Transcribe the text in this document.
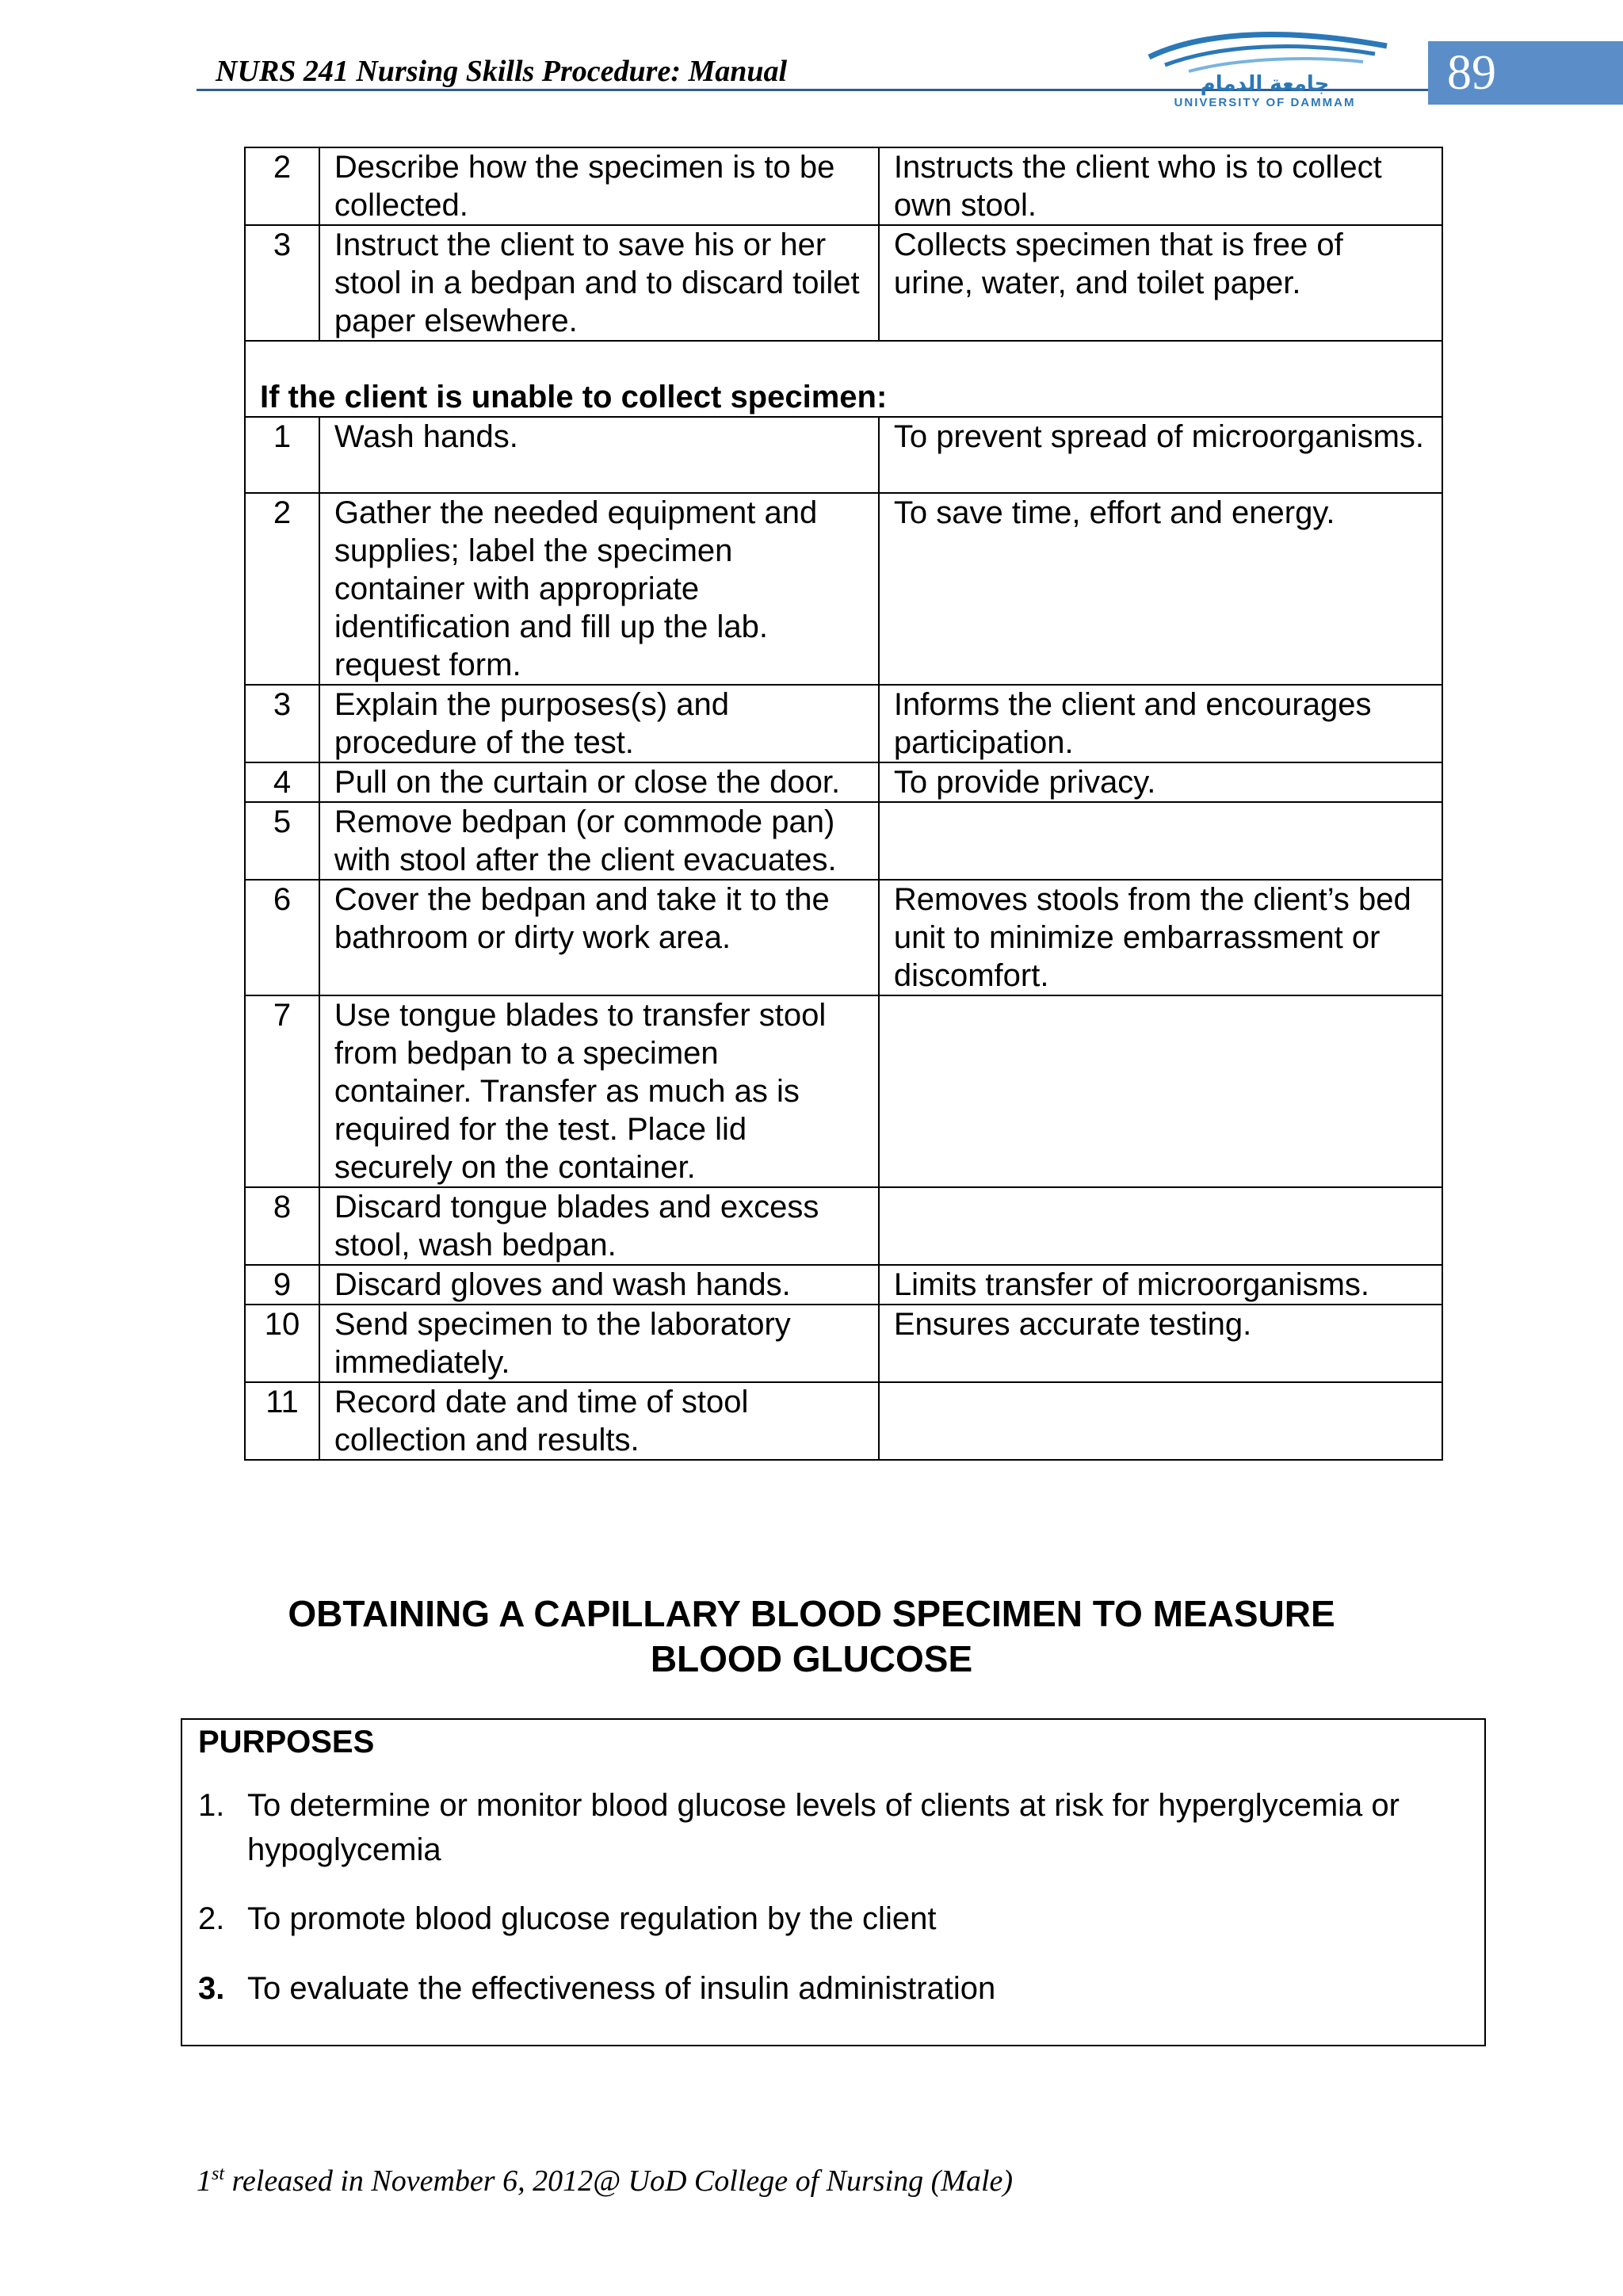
NURS 241 Nursing Skills Procedure: Manual	جامعة الدمام
UNIVERSITY OF DAMMAM
89
2	Describe how the specimen is to be collected.	Instructs the client who is to collect own stool.
3	Instruct the client to save his or her stool in a bedpan and to discard toilet paper elsewhere.	Collects specimen that is free of urine, water, and toilet paper.
If the client is unable to collect specimen:		
1	Wash hands.	To prevent spread of microorganisms.
2	Gather the needed equipment and supplies; label the specimen container with appropriate identification and fill up the lab. request form.	To save time, effort and energy.
3	Explain the purposes(s) and procedure of the test.	Informs the client and encourages participation.
4	Pull on the curtain or close the door.	To provide privacy.
5	Remove bedpan (or commode pan) with stool after the client evacuates.	
6	Cover the bedpan and take it to the bathroom or dirty work area.	Removes stools from the client’s bed unit to minimize embarrassment or discomfort.
7	Use tongue blades to transfer stool from bedpan to a specimen container. Transfer as much as is required for the test. Place lid securely on the container.	
8	Discard tongue blades and excess stool, wash bedpan.	
9	Discard gloves and wash hands.	Limits transfer of microorganisms.
10	Send specimen to the laboratory immediately.	Ensures accurate testing.
11	Record date and time of stool collection and results.	
OBTAINING A CAPILLARY BLOOD SPECIMEN TO MEASURE
BLOOD GLUCOSE
PURPOSES
1. To determine or monitor blood glucose levels of clients at risk for hyperglycemia or hypoglycemia
2. To promote blood glucose regulation by the client
3. To evaluate the effectiveness of insulin administration
1st released in November 6, 2012@ UoD College of Nursing (Male)
